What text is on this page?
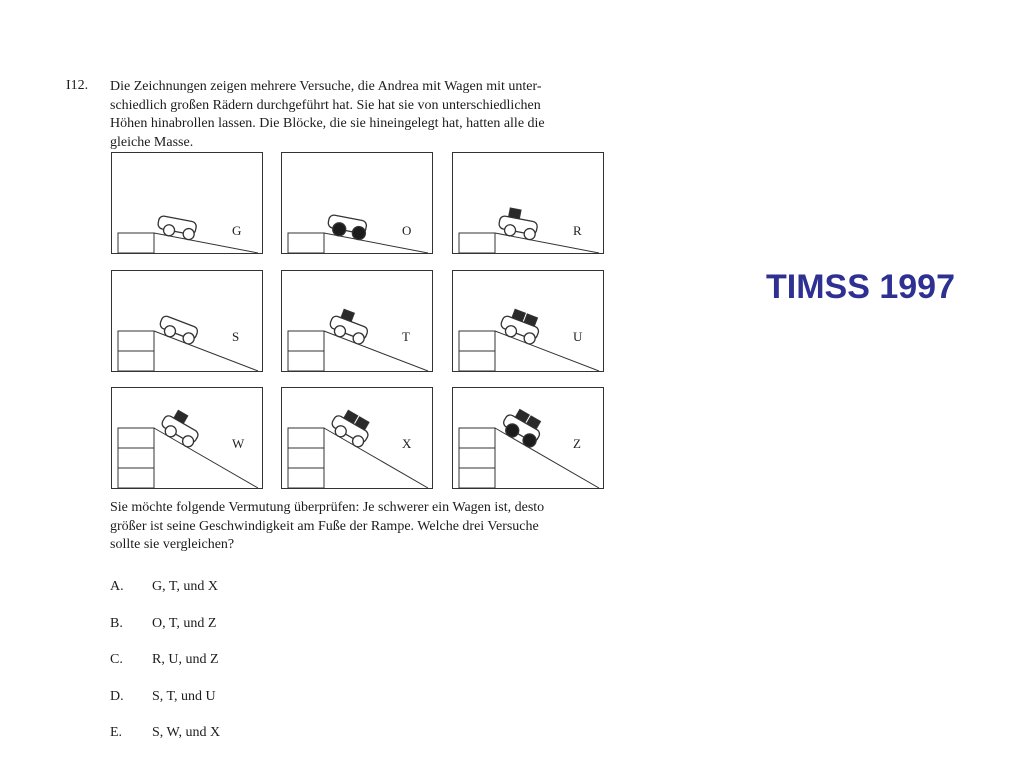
I12. Die Zeichnungen zeigen mehrere Versuche, die Andrea mit Wagen mit unter-
schiedlich großen Rädern durchgeführt hat. Sie hat sie von unterschiedlichen
Höhen hinabrollen lassen. Die Blöcke, die sie hineingelegt hat, hatten alle die
gleiche Masse.
G	O	R
S	T	U
W	X	Z
Sie möchte folgende Vermutung überprüfen: Je schwerer ein Wagen ist, desto
größer ist seine Geschwindigkeit am Fuße der Rampe. Welche drei Versuche
sollte sie vergleichen?
A. G, T, und X
B. O, T, und Z
C. R, U, und Z
D. S, T, und U
E. S, W, und X
TIMSS 1997
